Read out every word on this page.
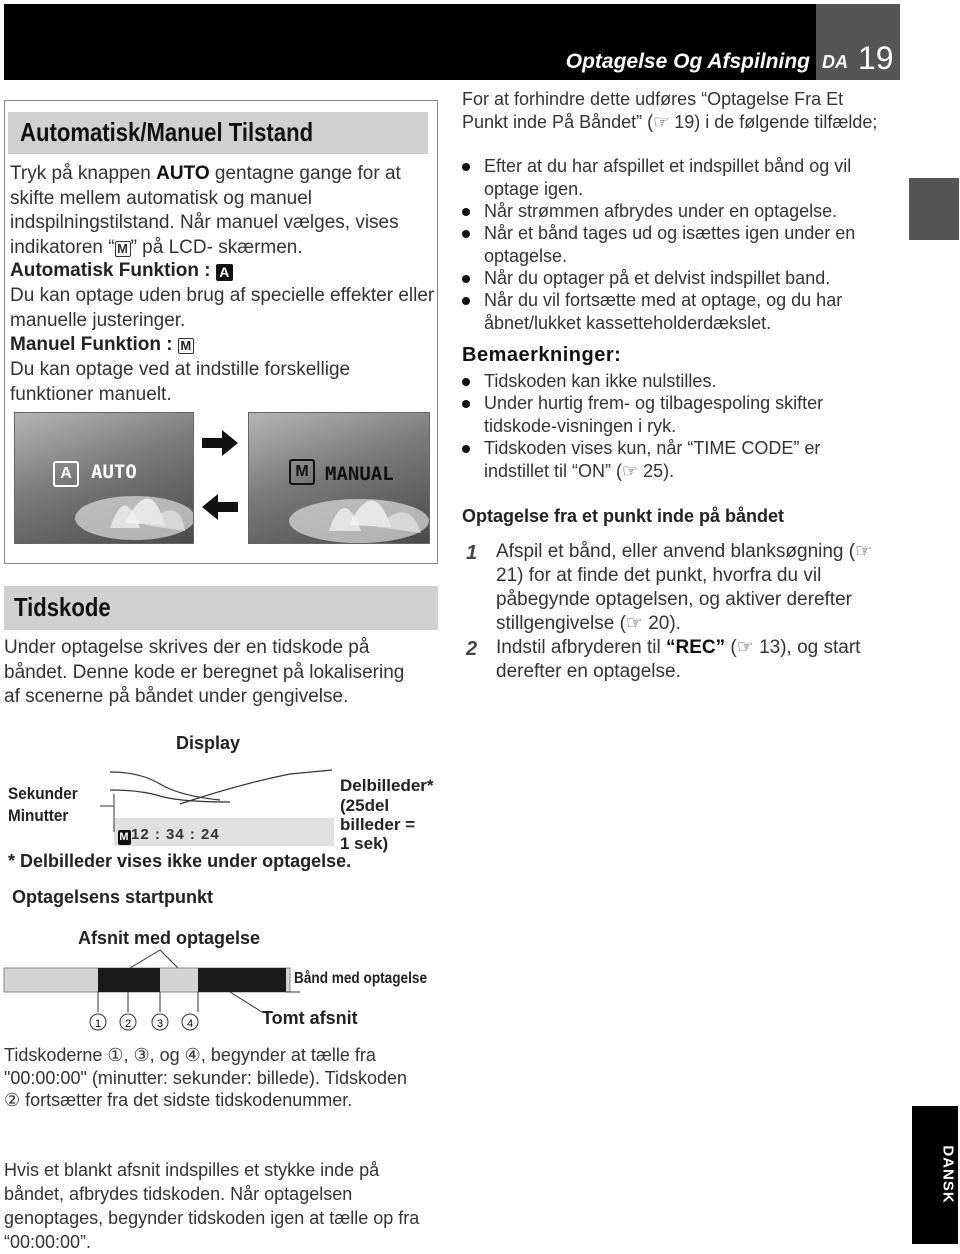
Optagelse Og Afspilning DA 19
Automatisk/Manuel Tilstand
Tryk på knappen AUTO gentagne gange for at skifte mellem automatisk og manuel indspilningstilstand. Når manuel vælges, vises indikatoren “ M ” på LCD- skærmen.
Automatisk Funktion : A
Du kan optage uden brug af specielle effekter eller manuelle justeringer.
Manuel Funktion : M
Du kan optage ved at indstille forskellige funktioner manuelt.
A	AUTO	M MANUAL
Tidskode
Under optagelse skrives der en tidskode på båndet. Denne kode er beregnet på lokalisering af scenerne på båndet under gengivelse.
Display
Sekunder
Minutter
M12 : 34 : 24
Delbilleder*
(25del
billeder =
1 sek)
* Delbilleder vises ikke under optagelse.
Optagelsens startpunkt
Afsnit med optagelse
1 2 3 4
Bånd med optagelse
Tomt afsnit
Tidskoderne ①, ③, og ④, begynder at tælle fra "00:00:00" (minutter: sekunder: billede). Tidskoden ② fortsætter fra det sidste tidskodenummer.
Hvis et blankt afsnit indspilles et stykke inde på båndet, afbrydes tidskoden. Når optagelsen genoptages, begynder tidskoden igen at tælle op fra “00:00:00”.
For at forhindre dette udføres “Optagelse Fra Et Punkt inde På Båndet” (☞ 19) i de følgende tilfælde;
Efter at du har afspillet et indspillet bånd og vil optage igen.
Når strømmen afbrydes under en optagelse.
Når et bånd tages ud og isættes igen under en optagelse.
Når du optager på et delvist indspillet band.
Når du vil fortsætte med at optage, og du har åbnet/lukket kassetteholderdækslet.
Bemaerkninger:
Tidskoden kan ikke nulstilles.
Under hurtig frem- og tilbagespoling skifter tidskode-visningen i ryk.
Tidskoden vises kun, når “TIME CODE” er indstillet til “ON” (☞ 25).
Optagelse fra et punkt inde på båndet
1 Afspil et bånd, eller anvend blanksøgning (☞ 21) for at finde det punkt, hvorfra du vil påbegynde optagelsen, og aktiver derefter stillgengivelse (☞ 20).
2 Indstil afbryderen til “REC” (☞ 13), og start derefter en optagelse.
DANSK
